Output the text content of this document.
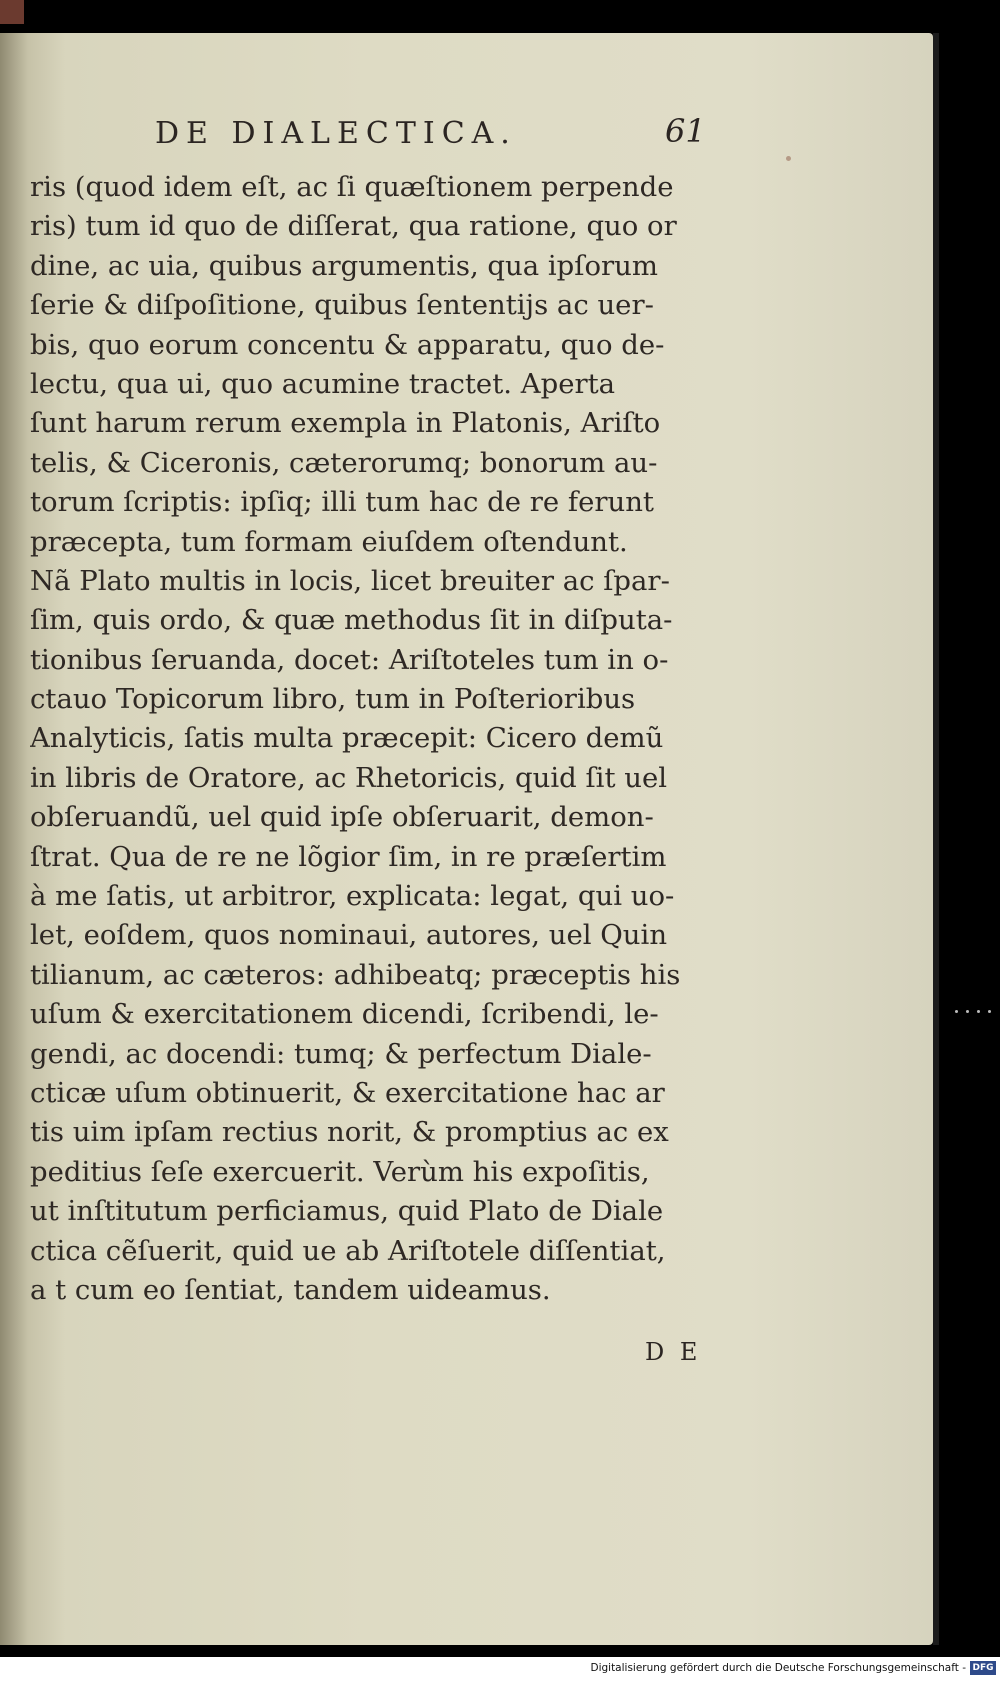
DE DIALECTICA.	61
ris (quod idem eſt, ac ſi quæſtionem perpende
ris) tum id quo de diſſerat, qua ratione, quo or
dine, ac uia, quibus argumentis, qua ipſorum
ſerie & diſpoſitione, quibus ſententijs ac uer-
bis, quo eorum concentu & apparatu, quo de-
lectu, qua ui, quo acumine tractet. Aperta
ſunt harum rerum exempla in Platonis, Ariſto
telis, & Ciceronis, cæterorumq; bonorum au-
torum ſcriptis: ipſiq; illi tum hac de re ferunt
præcepta, tum formam eiuſdem oſtendunt.
Nã Plato multis in locis, licet breuiter ac ſpar-
ſim, quis ordo, & quæ methodus ſit in diſputa-
tionibus ſeruanda, docet: Ariſtoteles tum in o-
ctauo Topicorum libro, tum in Poſterioribus
Analyticis, ſatis multa præcepit: Cicero demũ
in libris de Oratore, ac Rhetoricis, quid ſit uel
obſeruandũ, uel quid ipſe obſeruarit, demon-
ſtrat. Qua de re ne lõgior ſim, in re præſertim
à me ſatis, ut arbitror, explicata: legat, qui uo-
let, eoſdem, quos nominaui, autores, uel Quin
tilianum, ac cæteros: adhibeatq; præceptis his
uſum & exercitationem dicendi, ſcribendi, le-
gendi, ac docendi: tumq; & perfectum Diale-
cticæ uſum obtinuerit, & exercitatione hac ar
tis uim ipſam rectius norit, & promptius ac ex
peditius ſeſe exercuerit. Verùm his expoſitis,
ut inſtitutum perficiamus, quid Plato de Diale
ctica cẽſuerit, quid ue ab Ariſtotele diſſentiat,
a t cum eo ſentiat, tandem uideamus.
D E
Digitalisierung gefördert durch die Deutsche Forschungsgemeinschaft - DFG
